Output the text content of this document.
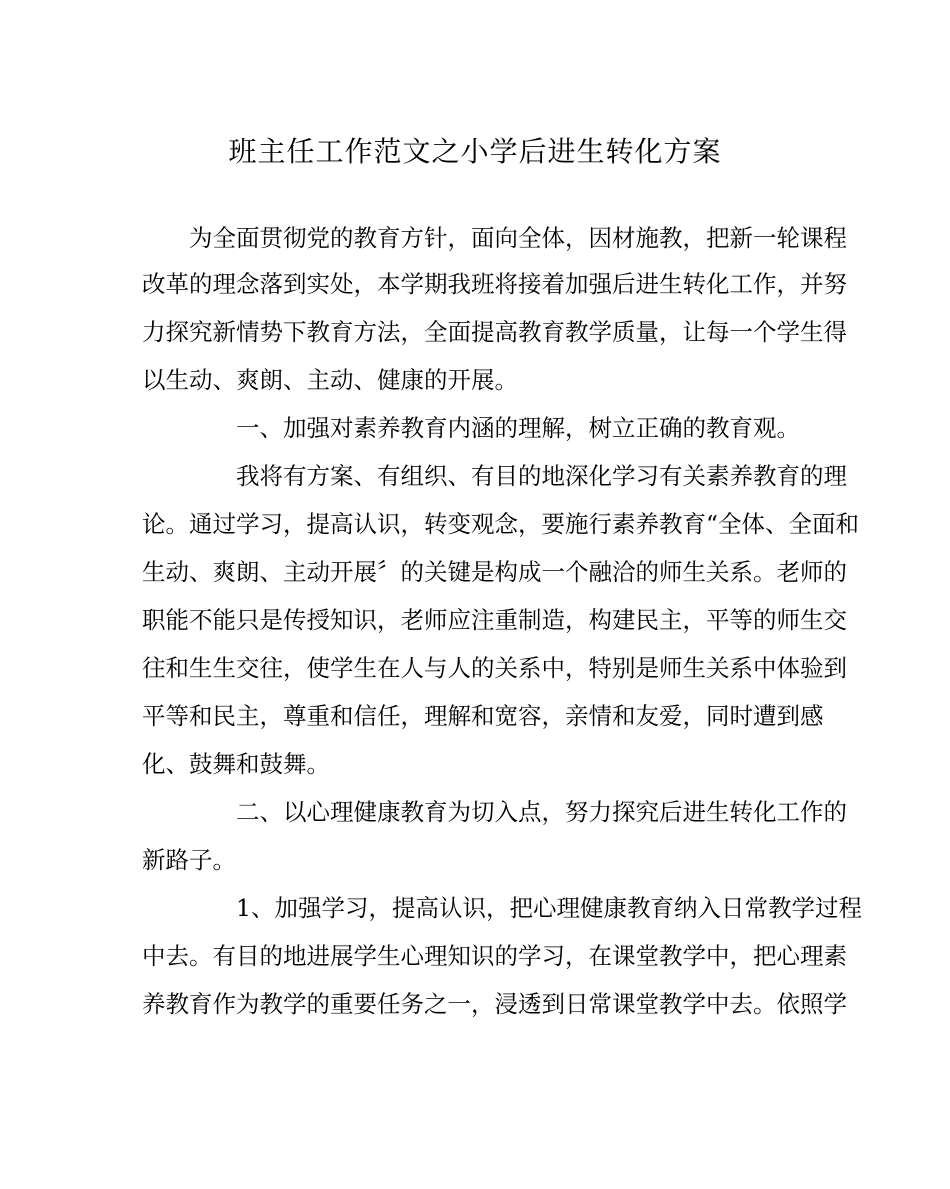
班主任工作范文之小学后进生转化方案
　　为全面贯彻党的教育方针，面向全体，因材施教，把新一轮课程
改革的理念落到实处，本学期我班将接着加强后进生转化工作，并努
力探究新情势下教育方法，全面提高教育教学质量，让每一个学生得
以生动、爽朗、主动、健康的开展。
　　　　一、加强对素养教育内涵的理解，树立正确的教育观。
　　　　我将有方案、有组织、有目的地深化学习有关素养教育的理
论。通过学习，提高认识，转变观念，要施行素养教育“全体、全面和
生动、爽朗、主动开展〞的关键是构成一个融洽的师生关系。老师的
职能不能只是传授知识，老师应注重制造，构建民主，平等的师生交
往和生生交往，使学生在人与人的关系中，特别是师生关系中体验到
平等和民主，尊重和信任，理解和宽容，亲情和友爱，同时遭到感
化、鼓舞和鼓舞。
　　　　二、以心理健康教育为切入点，努力探究后进生转化工作的
新路子。
　　　　1、加强学习，提高认识，把心理健康教育纳入日常教学过程
中去。有目的地进展学生心理知识的学习，在课堂教学中，把心理素
养教育作为教学的重要任务之一，浸透到日常课堂教学中去。依照学
